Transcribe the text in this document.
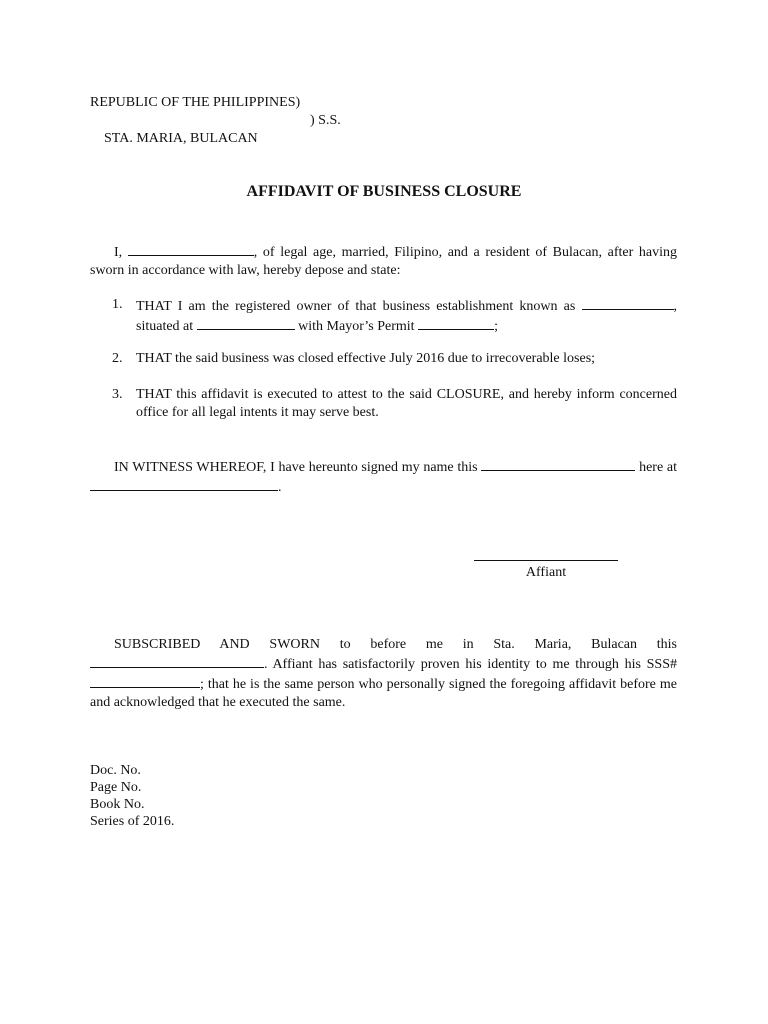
REPUBLIC OF THE PHILIPPINES)

STA. MARIA, BULACAN

) S.S.
AFFIDAVIT OF BUSINESS CLOSURE
I,	, of legal age, married, Filipino, and a resident of Bulacan, after having sworn in accordance with law, hereby depose and state:
1. THAT I am the registered owner of that business establishment known as	,
situated at	with Mayor’s Permit	;
2. THAT the said business was closed effective July 2016 due to irrecoverable loses;
3. THAT this affidavit is executed to attest to the said CLOSURE, and hereby inform concerned office for all legal intents it may serve best.
IN WITNESS WHEREOF, I have hereunto signed my name this	here at .
Affiant
SUBSCRIBED AND SWORN to before me in Sta. Maria, Bulacan this . Affiant has satisfactorily proven his identity to me through his SSS# ; that he is the same person who personally signed the foregoing affidavit before me and acknowledged that he executed the same.
Doc. No.
Page No.
Book No.
Series of 2016.
